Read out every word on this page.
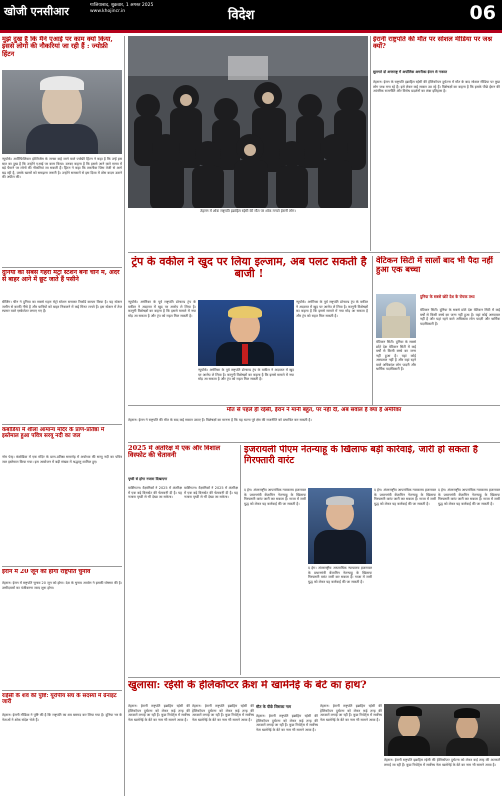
खोजी एनसीआर	गाजियाबाद, शुक्रवार, 1 अगस्त 2025
www.khojincr.in	विदेश	06
मुझे दुख है कि मैंने एआई पर काम क्यों किया, इससे लोगों की नौकरियां जा रही हैं : ज्योफ्री हिंटन
न्यूयॉर्क। आर्टिफिशियल इंटेलिजेंस के जनक कहे जाने वाले ज्योफ्री हिंटन ने कहा है कि उन्हें इस बात का दुख है कि उन्होंने एआई पर काम किया। उनका कहना है कि इससे आने वाले समय में बड़े पैमाने पर लोगों की नौकरियां जा सकती हैं। हिंटन ने कहा कि तकनीक जिस तेजी से आगे बढ़ रही है, उसके खतरों को समझना जरूरी है। उन्होंने सरकारों से इस दिशा में ठोस कदम उठाने की अपील की।
दुनिया का सबसे गहरा मेट्रो स्टेशन बना चीन में, अंदर से बाहर आने में छूट जाते हैं पसीने
बीजिंग। चीन ने दुनिया का सबसे गहरा मेट्रो स्टेशन बनाकर रिकॉर्ड कायम किया है। यह स्टेशन जमीन से काफी नीचे है और यात्रियों को बाहर निकलने में कई मिनट लगते हैं। इस स्टेशन में तेज रफ्तार वाले एस्केलेटर लगाए गए हैं।
कंबोडिया में शीला आमान्य मंदिर के प्राण-प्रतिष्ठा में इस्तेमाल हुआ पवित्र सरयू नदी का जल
नोम पेन्ह। कंबोडिया में एक मंदिर के प्राण-प्रतिष्ठा समारोह में अयोध्या की सरयू नदी का पवित्र जल इस्तेमाल किया गया। इस आयोजन में बड़ी संख्या में श्रद्धालु शामिल हुए।
ईरान में 20 जून को होगा राष्ट्रपति चुनाव
तेहरान। ईरान में राष्ट्रपति चुनाव 20 जून को होगा। देश के चुनाव आयोग ने इसकी घोषणा की है। उम्मीदवारों का पंजीकरण जल्द शुरू होगा।
राईसी के शव की पुष्टि: यूरोपीय संघ के सदस्यों में ग्रेनाइट जारी
तेहरान। ईरानी मीडिया ने पुष्टि की है कि राष्ट्रपति का शव बरामद कर लिया गया है। दुनिया भर के नेताओं ने शोक संदेश भेजे हैं।
तेहरान में शोक राष्ट्रपति इब्राहिम रईसी की मौत पर शोक मनाते ईरानी लोग।
ईरानी राष्ट्रपति की मौत पर सोशल मीडिया पर जश्न क्यों?
सुलगते दो अन्तराष्ट्र में अपोलिक अमरीका ईरान से नफरत
तेहरान। ईरान के राष्ट्रपति इब्राहिम रईसी की हेलिकॉप्टर दुर्घटना में मौत के बाद सोशल मीडिया पर कुछ लोग जश्न मना रहे हैं। इसे लेकर कई सवाल उठ रहे हैं। विशेषज्ञों का कहना है कि इसके पीछे ईरान की आंतरिक राजनीति और विरोध प्रदर्शनों का लंबा इतिहास है।
ट्रंप के वकील ने खुद पर लिया इल्जाम, अब पलट सकती है बाजी !
न्यूयॉर्क। अमेरिका के पूर्व राष्ट्रपति डोनाल्ड ट्रंप के वकील ने अदालत में खुद पर आरोप ले लिया है। कानूनी विशेषज्ञों का कहना है कि इससे मामले में नया मोड़ आ सकता है और ट्रंप को राहत मिल सकती है।
न्यूयॉर्क। अमेरिका के पूर्व राष्ट्रपति डोनाल्ड ट्रंप के वकील ने अदालत में खुद पर आरोप ले लिया है। कानूनी विशेषज्ञों का कहना है कि इससे मामले में नया मोड़ आ सकता है और ट्रंप को राहत मिल सकती है।
न्यूयॉर्क। अमेरिका के पूर्व राष्ट्रपति डोनाल्ड ट्रंप के वकील ने अदालत में खुद पर आरोप ले लिया है। कानूनी विशेषज्ञों का कहना है कि इससे मामले में नया मोड़ आ सकता है और ट्रंप को राहत मिल सकती है।
वेटिकन सिटी में सालों बाद भी पैदा नहीं हुआ एक बच्चा
दुनिया के सबसे छोटे देश के रोचक तथ्य
वेटिकन सिटी। दुनिया के सबसे छोटे देश वेटिकन सिटी में कई वर्षों से किसी बच्चे का जन्म नहीं हुआ है। यहां कोई अस्पताल नहीं है और यहां रहने वाले अधिकांश लोग पादरी और धार्मिक पदाधिकारी हैं।
वेटिकन सिटी। दुनिया के सबसे छोटे देश वेटिकन सिटी में कई वर्षों से किसी बच्चे का जन्म नहीं हुआ है। यहां कोई अस्पताल नहीं है और यहां रहने वाले अधिकांश लोग पादरी और धार्मिक पदाधिकारी हैं।
मौत से पहले ही रईसी, ईरान ने मानी बहुत, पर नहीं दी, अब सवाल है क्या है अमेरिका
तेहरान। ईरान ने राष्ट्रपति की मौत के बाद कई सवाल उठाए हैं। विशेषज्ञों का मानना है कि यह घटना पूरे क्षेत्र की राजनीति को प्रभावित कर सकती है।
2025 में अंतरिक्ष में एक और विशाल विस्फोट की चेतावनी
पृथ्वी से होगा नजारा दिखाएगा
वाशिंगटन। वैज्ञानिकों ने 2025 में अंतरिक्ष में एक बड़े विस्फोट की चेतावनी दी है। यह नजारा पृथ्वी से भी देखा जा सकेगा।
वाशिंगटन। वैज्ञानिकों ने 2025 में अंतरिक्ष में एक बड़े विस्फोट की चेतावनी दी है। यह नजारा पृथ्वी से भी देखा जा सकेगा।
इजरायली पीएम नेतन्याहू के खिलाफ बड़ी कार्रवाई, जारी हो सकता है गिरफ्तारी वारंट
द हेग। अंतरराष्ट्रीय आपराधिक न्यायालय इजरायल के प्रधानमंत्री बेंजामिन नेतन्याहू के खिलाफ गिरफ्तारी वारंट जारी कर सकता है। गाजा में जारी युद्ध को लेकर यह कार्रवाई की जा सकती है।
द हेग। अंतरराष्ट्रीय आपराधिक न्यायालय इजरायल के प्रधानमंत्री बेंजामिन नेतन्याहू के खिलाफ गिरफ्तारी वारंट जारी कर सकता है। गाजा में जारी युद्ध को लेकर यह कार्रवाई की जा सकती है।
द हेग। अंतरराष्ट्रीय आपराधिक न्यायालय इजरायल के प्रधानमंत्री बेंजामिन नेतन्याहू के खिलाफ गिरफ्तारी वारंट जारी कर सकता है। गाजा में जारी युद्ध को लेकर यह कार्रवाई की जा सकती है।
द हेग। अंतरराष्ट्रीय आपराधिक न्यायालय इजरायल के प्रधानमंत्री बेंजामिन नेतन्याहू के खिलाफ गिरफ्तारी वारंट जारी कर सकता है। गाजा में जारी युद्ध को लेकर यह कार्रवाई की जा सकती है।
खुलासा: रईसी के हेलिकॉप्टर क्रैश में खामेनेई के बेटे का हाथ?
तेहरान। ईरानी राष्ट्रपति इब्राहिम रईसी की हेलिकॉप्टर दुर्घटना को लेकर कई तरह की अटकलें लगाई जा रही हैं। कुछ रिपोर्ट्स में सर्वोच्च नेता खामेनेई के बेटे का नाम भी सामने आया है।
तेहरान। ईरानी राष्ट्रपति इब्राहिम रईसी की हेलिकॉप्टर दुर्घटना को लेकर कई तरह की अटकलें लगाई जा रही हैं। कुछ रिपोर्ट्स में सर्वोच्च नेता खामेनेई के बेटे का नाम भी सामने आया है।
मौत के पीछे जिसका नाम
तेहरान। ईरानी राष्ट्रपति इब्राहिम रईसी की हेलिकॉप्टर दुर्घटना को लेकर कई तरह की अटकलें लगाई जा रही हैं। कुछ रिपोर्ट्स में सर्वोच्च नेता खामेनेई के बेटे का नाम भी सामने आया है।
तेहरान। ईरानी राष्ट्रपति इब्राहिम रईसी की हेलिकॉप्टर दुर्घटना को लेकर कई तरह की अटकलें लगाई जा रही हैं। कुछ रिपोर्ट्स में सर्वोच्च नेता खामेनेई के बेटे का नाम भी सामने आया है।
तेहरान। ईरानी राष्ट्रपति इब्राहिम रईसी की हेलिकॉप्टर दुर्घटना को लेकर कई तरह की अटकलें लगाई जा रही हैं। कुछ रिपोर्ट्स में सर्वोच्च नेता खामेनेई के बेटे का नाम भी सामने आया है।
